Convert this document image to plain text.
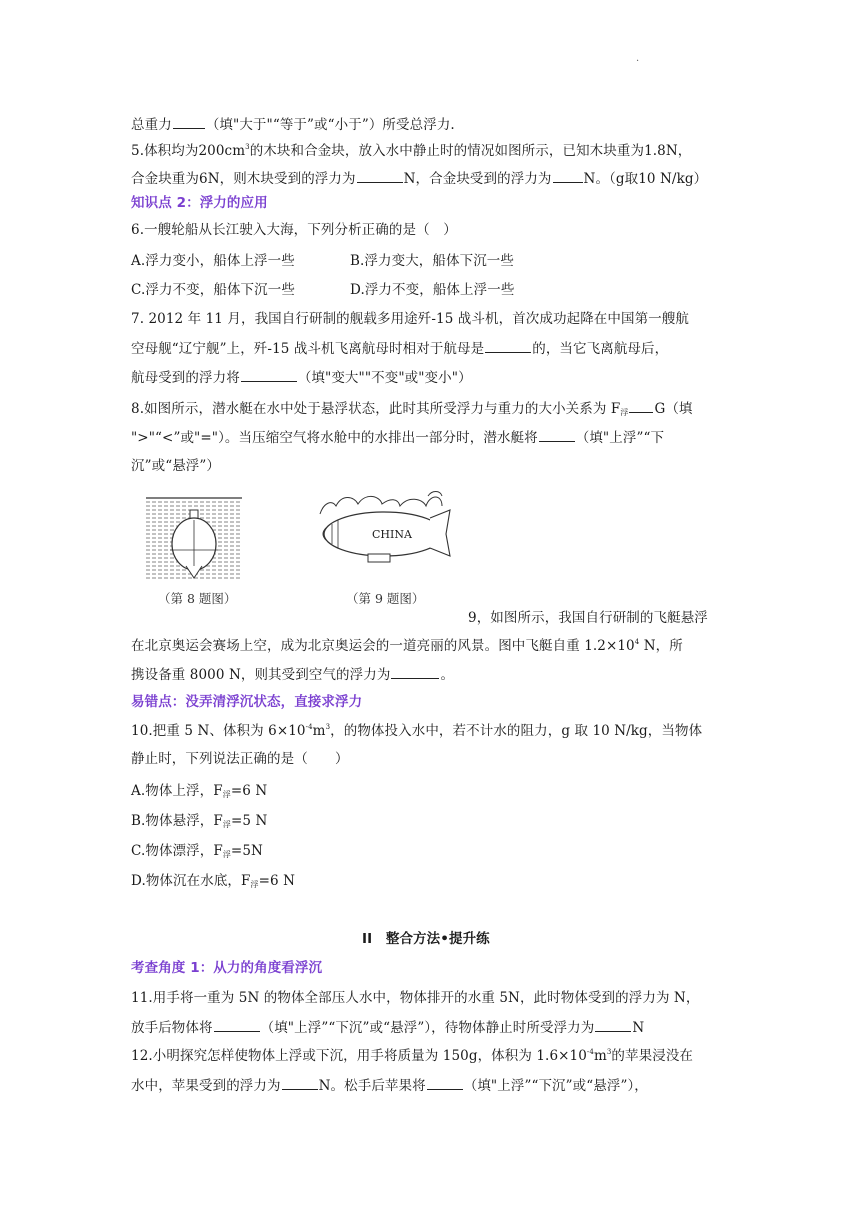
·
总重力	（填"大于"“等于”或“小于”）所受总浮力.
5.体积均为$200cm^3$的木块和合金块，放入水中静止时的情况如图所示，已知木块重为1.8N，
合金块重为6N，则木块受到的浮力为	N，合金块受到的浮力为 N。（g取10 N/kg）
知识点 2：浮力的应用
6.一艘轮船从长江驶入大海，下列分析正确的是（　）
A.浮力变小，船体上浮一些	B.浮力变大，船体下沉一些
C.浮力不变，船体下沉一些	D.浮力不变，船体上浮一些
7. 2012 年 11 月，我国自行研制的舰载多用途歼-15 战斗机，首次成功起降在中国第一艘航
空母舰“辽宁舰”上，歼-15 战斗机飞离航母时相对于航母是	的，当它飞离航母后，
航母受到的浮力将	（填"变大""不变"或"变小"）
8.如图所示，潜水艇在水中处于悬浮状态，此时其所受浮力与重力的大小关系为 $F_浮$ G（填
">"“<”或"="）。当压缩空气将水舱中的水排出一部分时，潜水艇将	（填"上浮”“下
沉”或“悬浮”）
（第 8 题图）
CHINA
（第 9 题图）
9，如图所示，我国自行研制的飞艇悬浮
在北京奥运会赛场上空，成为北京奥运会的一道亮丽的风景。图中飞艇自重 $1.2\times 10^4$ N，所
携设备重 8000 N，则其受到空气的浮力为	。
易错点：没弄清浮沉状态，直接求浮力
10.把重 5 N、体积为 $6\times 10^{-4}m^3$，的物体投入水中，若不计水的阻力，g 取 10 N/kg，当物体
静止时，下列说法正确的是（　　）
A.物体上浮，$F_浮=6$ N
B.物体悬浮，$F_浮=5$ N
C.物体漂浮，$F_浮=5N$
D.物体沉在水底，$F_浮=6$ N
II　整合方法•提升练
考查角度 1：从力的角度看浮沉
11.用手将一重为 5N 的物体全部压人水中，物体排开的水重 5N，此时物体受到的浮力为 N，
放手后物体将	（填"上浮”“下沉”或“悬浮”），待物体静止时所受浮力为	N
12.小明探究怎样使物体上浮或下沉，用手将质量为 150g，体积为 $1.6\times 10^{-4}m^3$的苹果浸没在
水中，苹果受到的浮力为	N。松手后苹果将	（填"上浮”“下沉”或“悬浮”），
